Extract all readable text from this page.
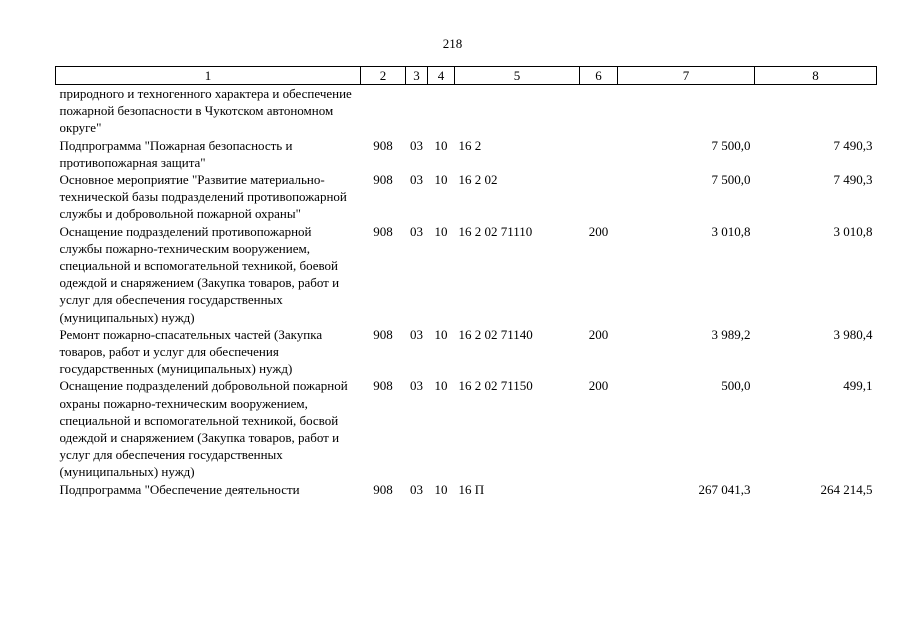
218
1	2	3	4	5	6	7	8
природного и техногенного характера и обеспечение пожарной безопасности в Чукотском автономном округе"							
Подпрограмма "Пожарная безопасность и противопожарная защита"	908	03	10	16 2		7 500,0	7 490,3
Основное мероприятие "Развитие материально-технической базы подразделений противопожарной службы и добровольной пожарной охраны"	908	03	10	16 2 02		7 500,0	7 490,3
Оснащение подразделений противопожарной службы пожарно-техническим вооружением, специальной и вспомогательной техникой, боевой одеждой и снаряжением (Закупка товаров, работ и услуг для обеспечения государственных (муниципальных) нужд)	908	03	10	16 2 02 71110	200	3 010,8	3 010,8
Ремонт пожарно-спасательных частей (Закупка товаров, работ и услуг для обеспечения государственных (муниципальных) нужд)	908	03	10	16 2 02 71140	200	3 989,2	3 980,4
Оснащение подразделений добровольной пожарной охраны пожарно-техническим вооружением, специальной и вспомогательной техникой, босвой одеждой и снаряжением (Закупка товаров, работ и услуг для обеспечения государственных (муниципальных) нужд)	908	03	10	16 2 02 71150	200	500,0	499,1
Подпрограмма "Обеспечение деятельности	908	03	10	16 П		267 041,3	264 214,5
